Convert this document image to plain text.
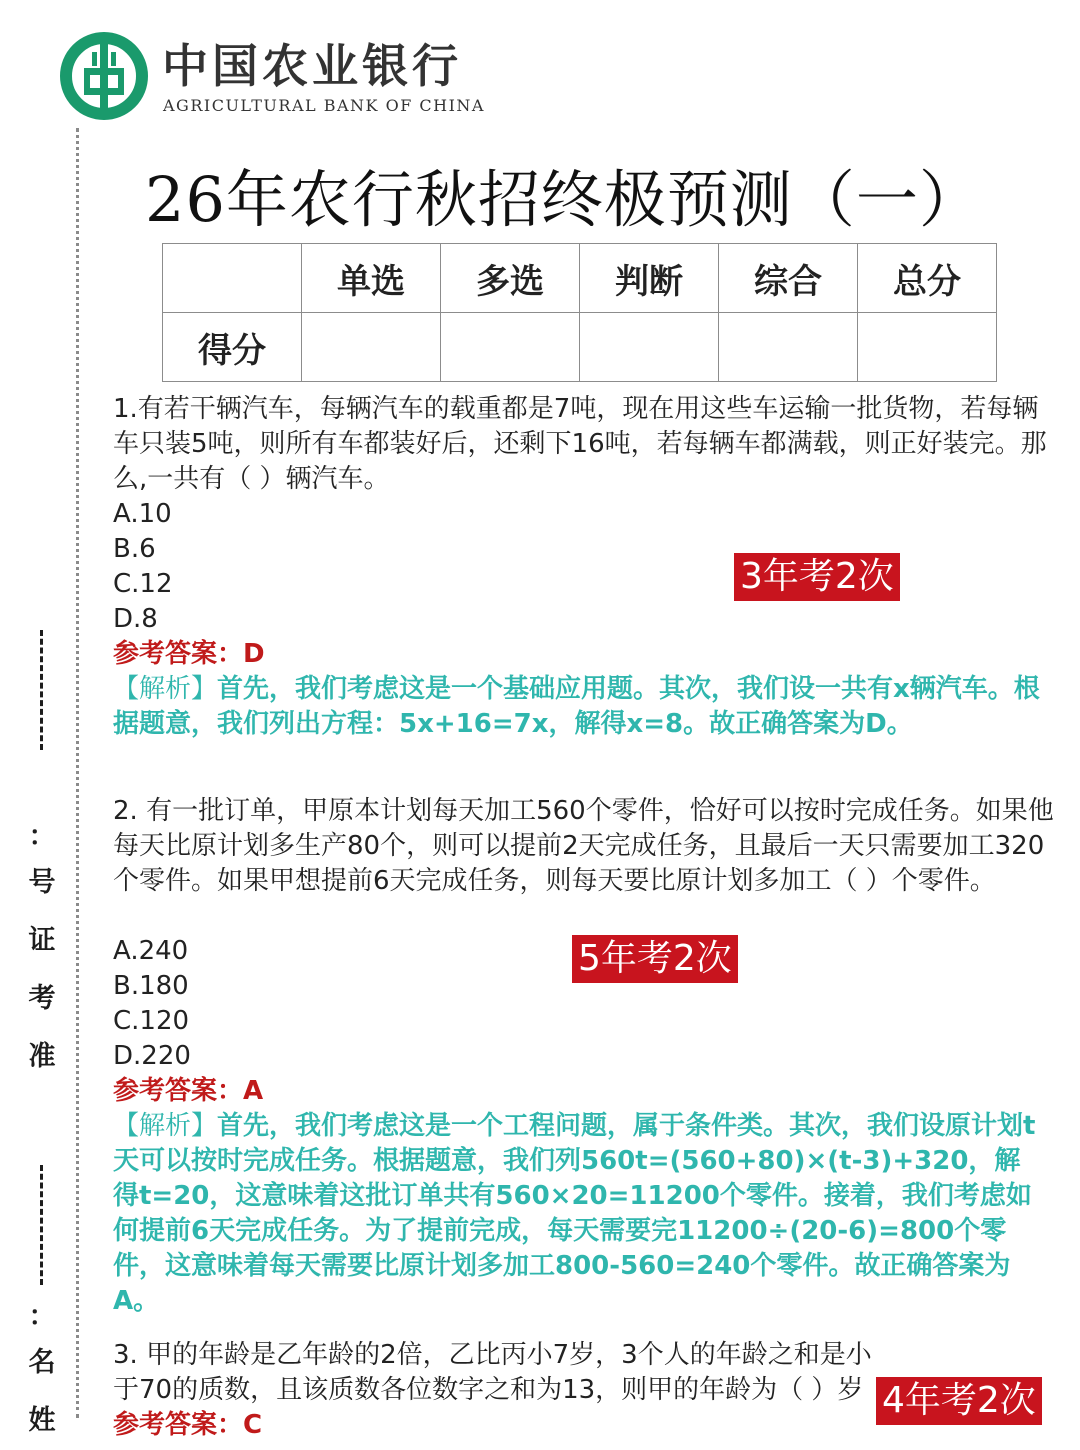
：
号
证
考
准
：
名
姓
中国农业银行
AGRICULTURAL BANK OF CHINA
26年农行秋招终极预测（一）
	单选	多选	判断	综合	总分
得分					
1.有若干辆汽车，每辆汽车的载重都是7吨，现在用这些车运输一批货物，若每辆车只装5吨，则所有车都装好后，还剩下16吨，若每辆车都满载，则正好装完。那么,一共有（ ）辆汽车。
A.10
B.6
C.12
D.8
3年考2次
参考答案：D
【解析】首先，我们考虑这是一个基础应用题。其次，我们设一共有x辆汽车。根据题意，我们列出方程：5x+16=7x，解得x=8。故正确答案为D。
2. 有一批订单，甲原本计划每天加工560个零件，恰好可以按时完成任务。如果他每天比原计划多生产80个，则可以提前2天完成任务，且最后一天只需要加工320个零件。如果甲想提前6天完成任务，则每天要比原计划多加工（ ）个零件。
A.240
B.180
C.120
D.220
5年考2次
参考答案：A
【解析】首先，我们考虑这是一个工程问题，属于条件类。其次，我们设原计划t天可以按时完成任务。根据题意，我们列560t=(560+80)×(t-3)+320，解得t=20，这意味着这批订单共有560×20=11200个零件。接着，我们考虑如何提前6天完成任务。为了提前完成，每天需要完11200÷(20-6)=800个零件，这意味着每天需要比原计划多加工800-560=240个零件。故正确答案为A。
3. 甲的年龄是乙年龄的2倍，乙比丙小7岁，3个人的年龄之和是小于70的质数，且该质数各位数字之和为13，则甲的年龄为（ ）岁
参考答案：C
4年考2次
